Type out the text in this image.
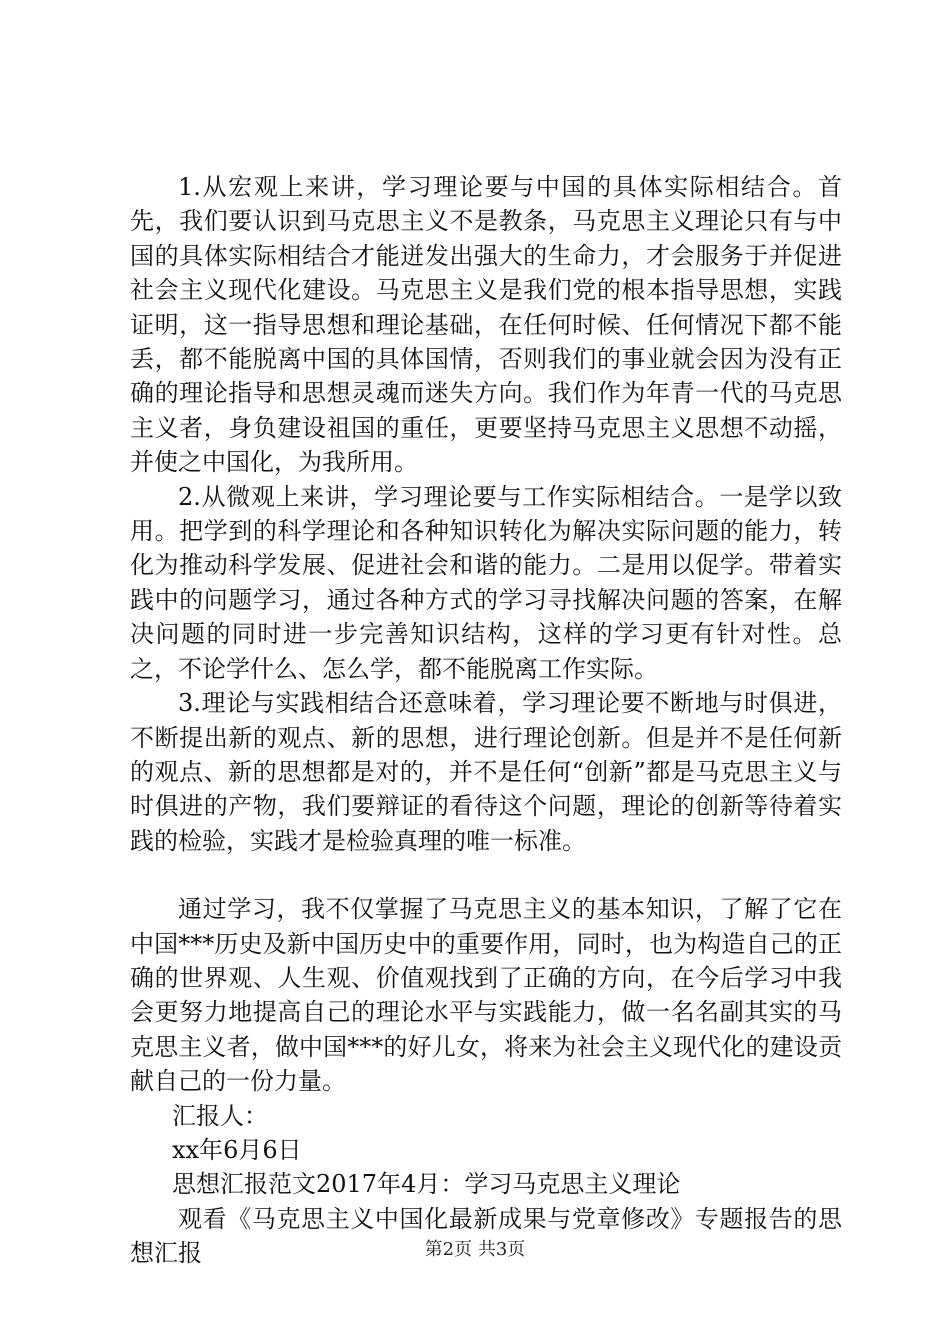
1.从宏观上来讲，学习理论要与中国的具体实际相结合。首先，我们要认识到马克思主义不是教条，马克思主义理论只有与中国的具体实际相结合才能迸发出强大的生命力，才会服务于并促进社会主义现代化建设。马克思主义是我们党的根本指导思想，实践证明，这一指导思想和理论基础，在任何时候、任何情况下都不能丢，都不能脱离中国的具体国情，否则我们的事业就会因为没有正确的理论指导和思想灵魂而迷失方向。我们作为年青一代的马克思主义者，身负建设祖国的重任，更要坚持马克思主义思想不动摇，并使之中国化，为我所用。

2.从微观上来讲，学习理论要与工作实际相结合。一是学以致用。把学到的科学理论和各种知识转化为解决实际问题的能力，转化为推动科学发展、促进社会和谐的能力。二是用以促学。带着实践中的问题学习，通过各种方式的学习寻找解决问题的答案，在解决问题的同时进一步完善知识结构，这样的学习更有针对性。总之，不论学什么、怎么学，都不能脱离工作实际。

3.理论与实践相结合还意味着，学习理论要不断地与时俱进，不断提出新的观点、新的思想，进行理论创新。但是并不是任何新的观点、新的思想都是对的，并不是任何“创新”都是马克思主义与时俱进的产物，我们要辩证的看待这个问题，理论的创新等待着实践的检验，实践才是检验真理的唯一标准。

通过学习，我不仅掌握了马克思主义的基本知识，了解了它在中国***历史及新中国历史中的重要作用，同时，也为构造自己的正确的世界观、人生观、价值观找到了正确的方向，在今后学习中我会更努力地提高自己的理论水平与实践能力，做一名名副其实的马克思主义者，做中国***的好儿女，将来为社会主义现代化的建设贡献自己的一份力量。

汇报人：

xx年6月6日

思想汇报范文2017年4月：学习马克思主义理论

观看《马克思主义中国化最新成果与党章修改》专题报告的思想汇报	第2页 共3页
